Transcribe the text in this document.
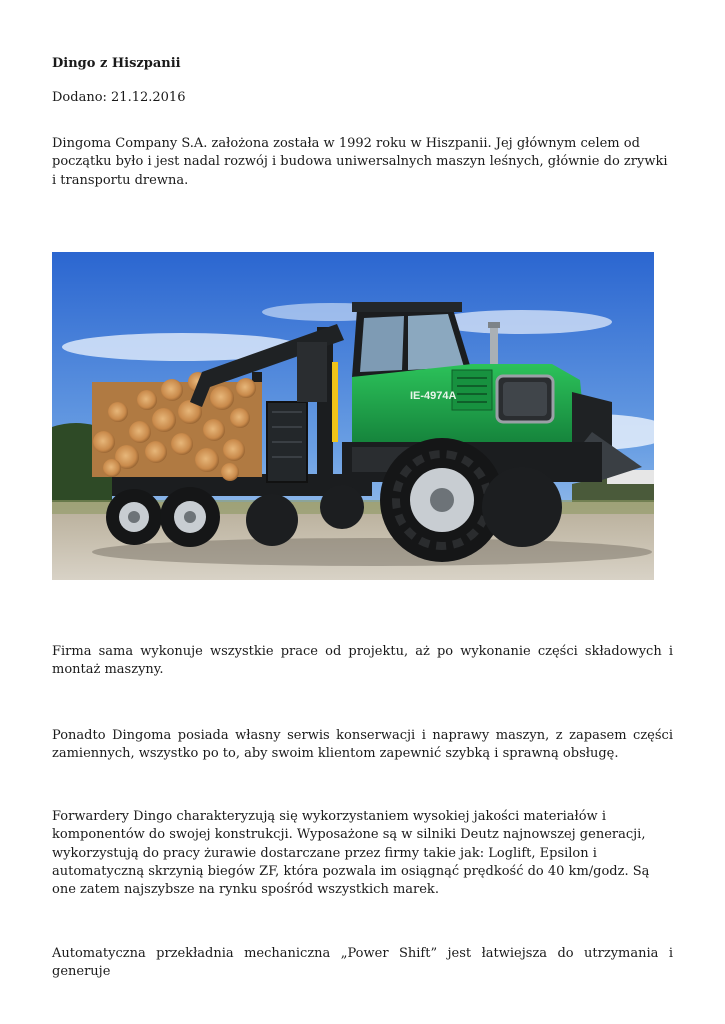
Dingo z Hiszpanii
Dodano: 21.12.2016
Dingoma Company S.A. założona została w 1992 roku w Hiszpanii. Jej głównym celem od początku było i jest nadal rozwój i budowa uniwersalnych maszyn leśnych, głównie do zrywki i transportu drewna.
IE-4974A
Firma sama wykonuje wszystkie prace od projektu, aż po wykonanie części składowych i montaż maszyny.
Ponadto Dingoma posiada własny serwis konserwacji i naprawy maszyn, z zapasem części zamiennych, wszystko po to, aby swoim klientom zapewnić szybką i sprawną obsługę.
Forwardery Dingo charakteryzują się wykorzystaniem wysokiej jakości materiałów i komponentów do swojej konstrukcji. Wyposażone są w silniki Deutz najnowszej generacji, wykorzystują do pracy żurawie dostarczane przez firmy takie jak: Loglift, Epsilon i automatyczną skrzynią biegów ZF, która pozwala im osiągnąć prędkość do 40 km/godz. Są one zatem najszybsze na rynku spośród wszystkich marek.
Automatyczna przekładnia mechaniczna „Power Shift” jest łatwiejsza do utrzymania i generuje
